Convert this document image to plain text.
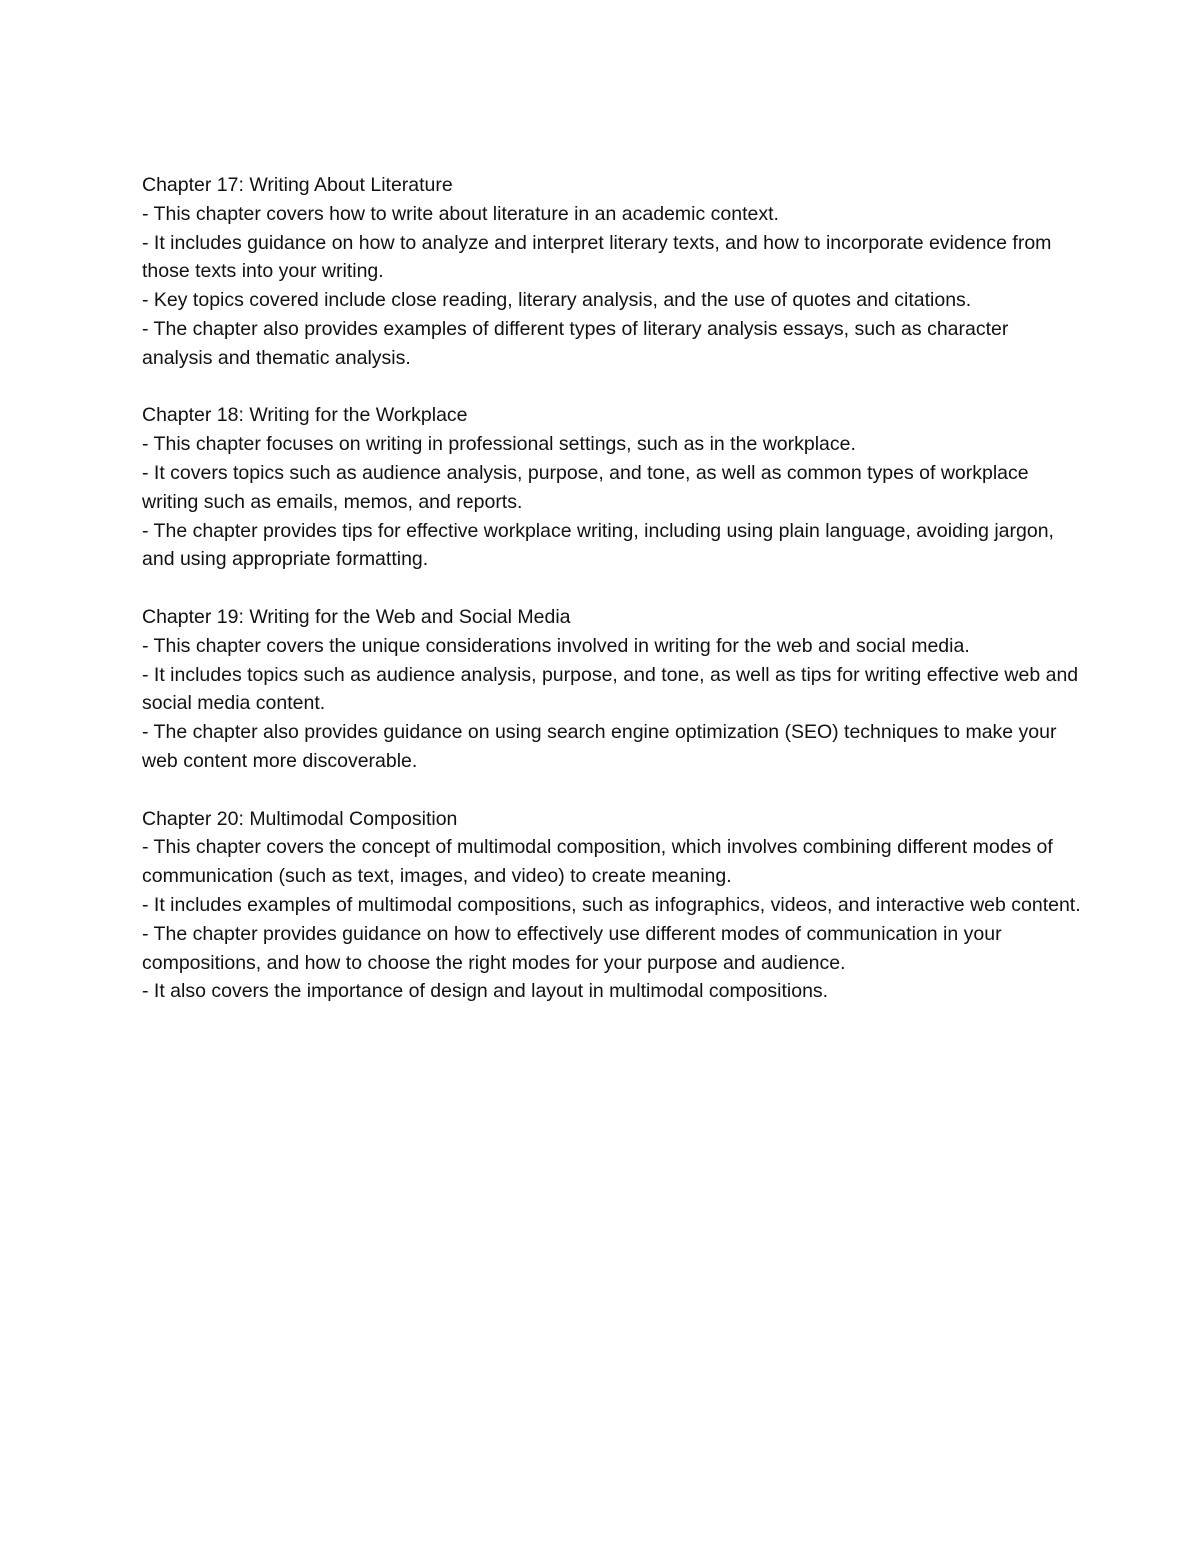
Chapter 17: Writing About Literature
- This chapter covers how to write about literature in an academic context.
- It includes guidance on how to analyze and interpret literary texts, and how to incorporate evidence from those texts into your writing.
- Key topics covered include close reading, literary analysis, and the use of quotes and citations.
- The chapter also provides examples of different types of literary analysis essays, such as character analysis and thematic analysis.
Chapter 18: Writing for the Workplace
- This chapter focuses on writing in professional settings, such as in the workplace.
- It covers topics such as audience analysis, purpose, and tone, as well as common types of workplace writing such as emails, memos, and reports.
- The chapter provides tips for effective workplace writing, including using plain language, avoiding jargon, and using appropriate formatting.
Chapter 19: Writing for the Web and Social Media
- This chapter covers the unique considerations involved in writing for the web and social media.
- It includes topics such as audience analysis, purpose, and tone, as well as tips for writing effective web and social media content.
- The chapter also provides guidance on using search engine optimization (SEO) techniques to make your web content more discoverable.
Chapter 20: Multimodal Composition
- This chapter covers the concept of multimodal composition, which involves combining different modes of communication (such as text, images, and video) to create meaning.
- It includes examples of multimodal compositions, such as infographics, videos, and interactive web content.
- The chapter provides guidance on how to effectively use different modes of communication in your compositions, and how to choose the right modes for your purpose and audience.
- It also covers the importance of design and layout in multimodal compositions.
